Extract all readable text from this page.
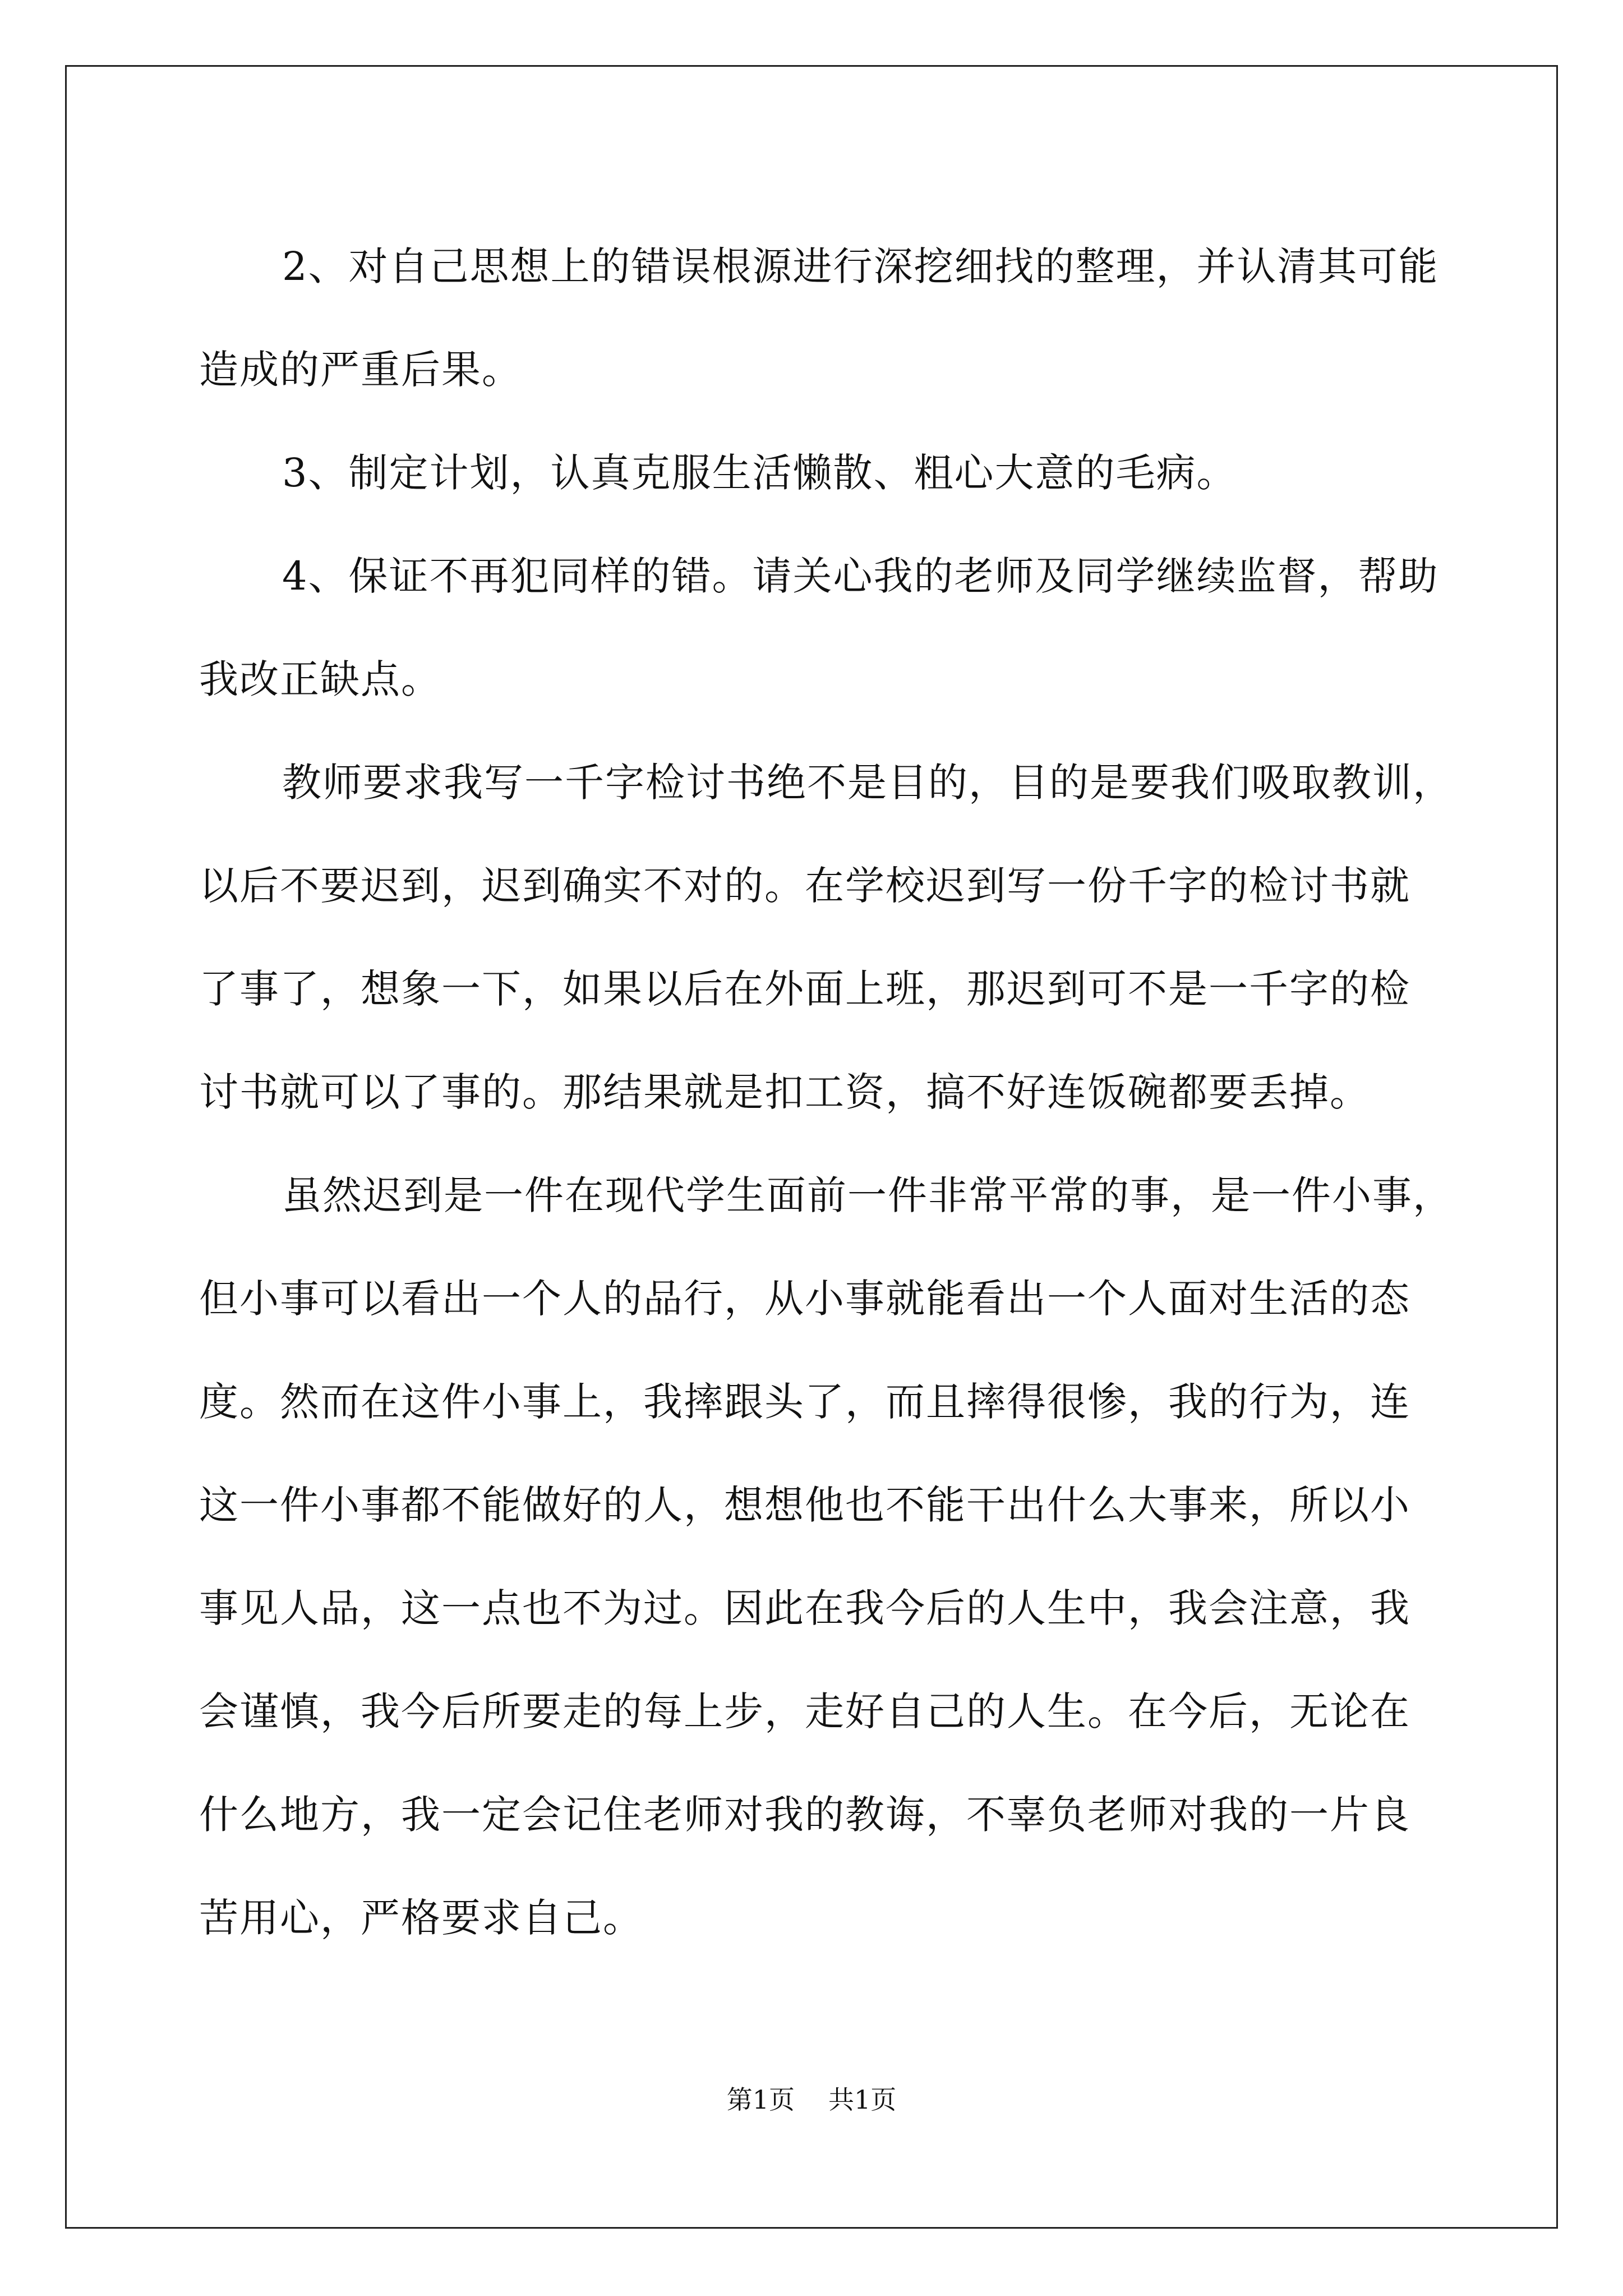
2、对自己思想上的错误根源进行深挖细找的整理，并认清其可能
造成的严重后果。
3、制定计划，认真克服生活懒散、粗心大意的毛病。
4、保证不再犯同样的错。请关心我的老师及同学继续监督，帮助
我改正缺点。
教师要求我写一千字检讨书绝不是目的，目的是要我们吸取教训，
以后不要迟到，迟到确实不对的。在学校迟到写一份千字的检讨书就
了事了，想象一下，如果以后在外面上班，那迟到可不是一千字的检
讨书就可以了事的。那结果就是扣工资，搞不好连饭碗都要丢掉。
虽然迟到是一件在现代学生面前一件非常平常的事，是一件小事，
但小事可以看出一个人的品行，从小事就能看出一个人面对生活的态
度。然而在这件小事上，我摔跟头了，而且摔得很惨，我的行为，连
这一件小事都不能做好的人，想想他也不能干出什么大事来，所以小
事见人品，这一点也不为过。因此在我今后的人生中，我会注意，我
会谨慎，我今后所要走的每上步，走好自己的人生。在今后，无论在
什么地方，我一定会记住老师对我的教诲，不辜负老师对我的一片良
苦用心，严格要求自己。
第1页 共1页
